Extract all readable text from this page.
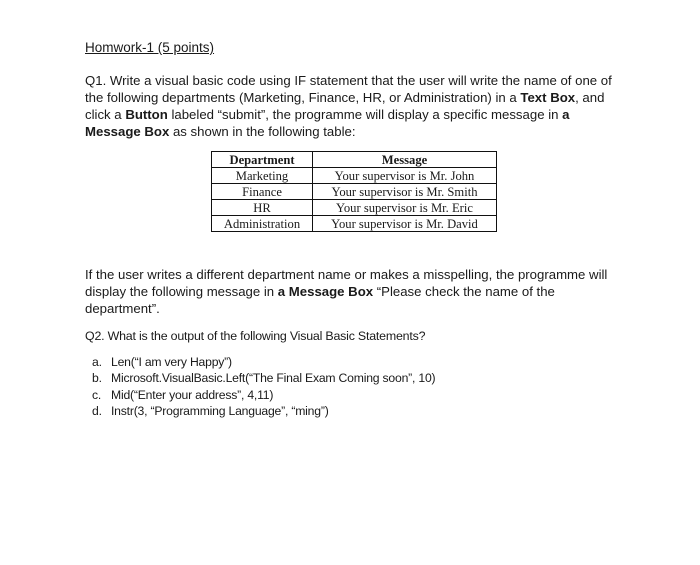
Homwork-1 (5 points)

Q1. Write a visual basic code using IF statement that the user will write the name of one of the following departments (Marketing, Finance, HR, or Administration) in a Text Box, and click a Button labeled “submit”, the programme will display a specific message in a Message Box as shown in the following table:

Department	Message
Marketing	Your supervisor is Mr. John
Finance	Your supervisor is Mr. Smith
HR	Your supervisor is Mr. Eric
Administration	Your supervisor is Mr. David

If the user writes a different department name or makes a misspelling, the programme will display the following message in a Message Box “Please check the name of the department”.

Q2. What is the output of the following Visual Basic Statements?
a. Len(“I am very Happy”)
b. Microsoft.VisualBasic.Left(“The Final Exam Coming soon”, 10)
c. Mid(“Enter your address”, 4,11)
d. Instr(3, “Programming Language”, “ming”)
